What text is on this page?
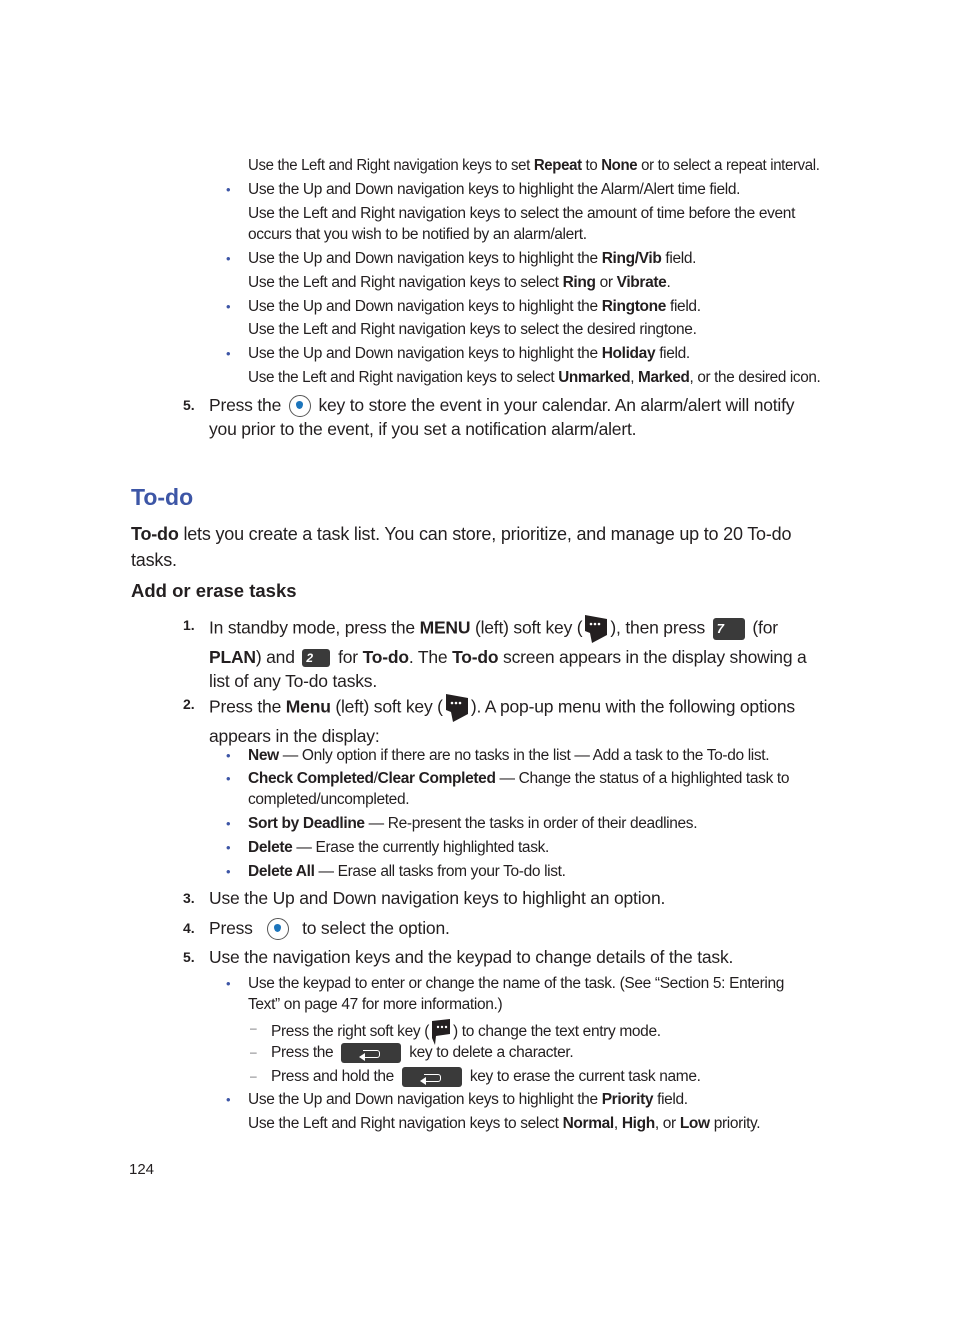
Use the Left and Right navigation keys to set Repeat to None or to select a repeat interval.
• Use the Up and Down navigation keys to highlight the Alarm/Alert time field.
Use the Left and Right navigation keys to select the amount of time before the event occurs that you wish to be notified by an alarm/alert.
• Use the Up and Down navigation keys to highlight the Ring/Vib field.
Use the Left and Right navigation keys to select Ring or Vibrate.
• Use the Up and Down navigation keys to highlight the Ringtone field.
Use the Left and Right navigation keys to select the desired ringtone.
• Use the Up and Down navigation keys to highlight the Holiday field.
Use the Left and Right navigation keys to select Unmarked, Marked, or the desired icon.
5. Press the  key to store the event in your calendar. An alarm/alert will notify you prior to the event, if you set a notification alarm/alert.
To-do
To-do lets you create a task list. You can store, prioritize, and manage up to 20 To-do tasks.
Add or erase tasks
1. In standby mode, press the MENU (left) soft key ( ), then press 7 (for PLAN) and 2 for To-do. The To-do screen appears in the display showing a list of any To-do tasks.
2. Press the Menu (left) soft key ( ). A pop-up menu with the following options appears in the display:
• New — Only option if there are no tasks in the list — Add a task to the To-do list.
• Check Completed/Clear Completed — Change the status of a highlighted task to completed/uncompleted.
• Sort by Deadline — Re-present the tasks in order of their deadlines.
• Delete — Erase the currently highlighted task.
• Delete All — Erase all tasks from your To-do list.
3. Use the Up and Down navigation keys to highlight an option.
4. Press  to select the option.
5. Use the navigation keys and the keypad to change details of the task.
• Use the keypad to enter or change the name of the task. (See “Section 5: Entering Text” on page 47 for more information.)
– Press the right soft key ( ) to change the text entry mode.
– Press the	key to delete a character.
– Press and hold the	key to erase the current task name.
• Use the Up and Down navigation keys to highlight the Priority field.
Use the Left and Right navigation keys to select Normal, High, or Low priority.
124
